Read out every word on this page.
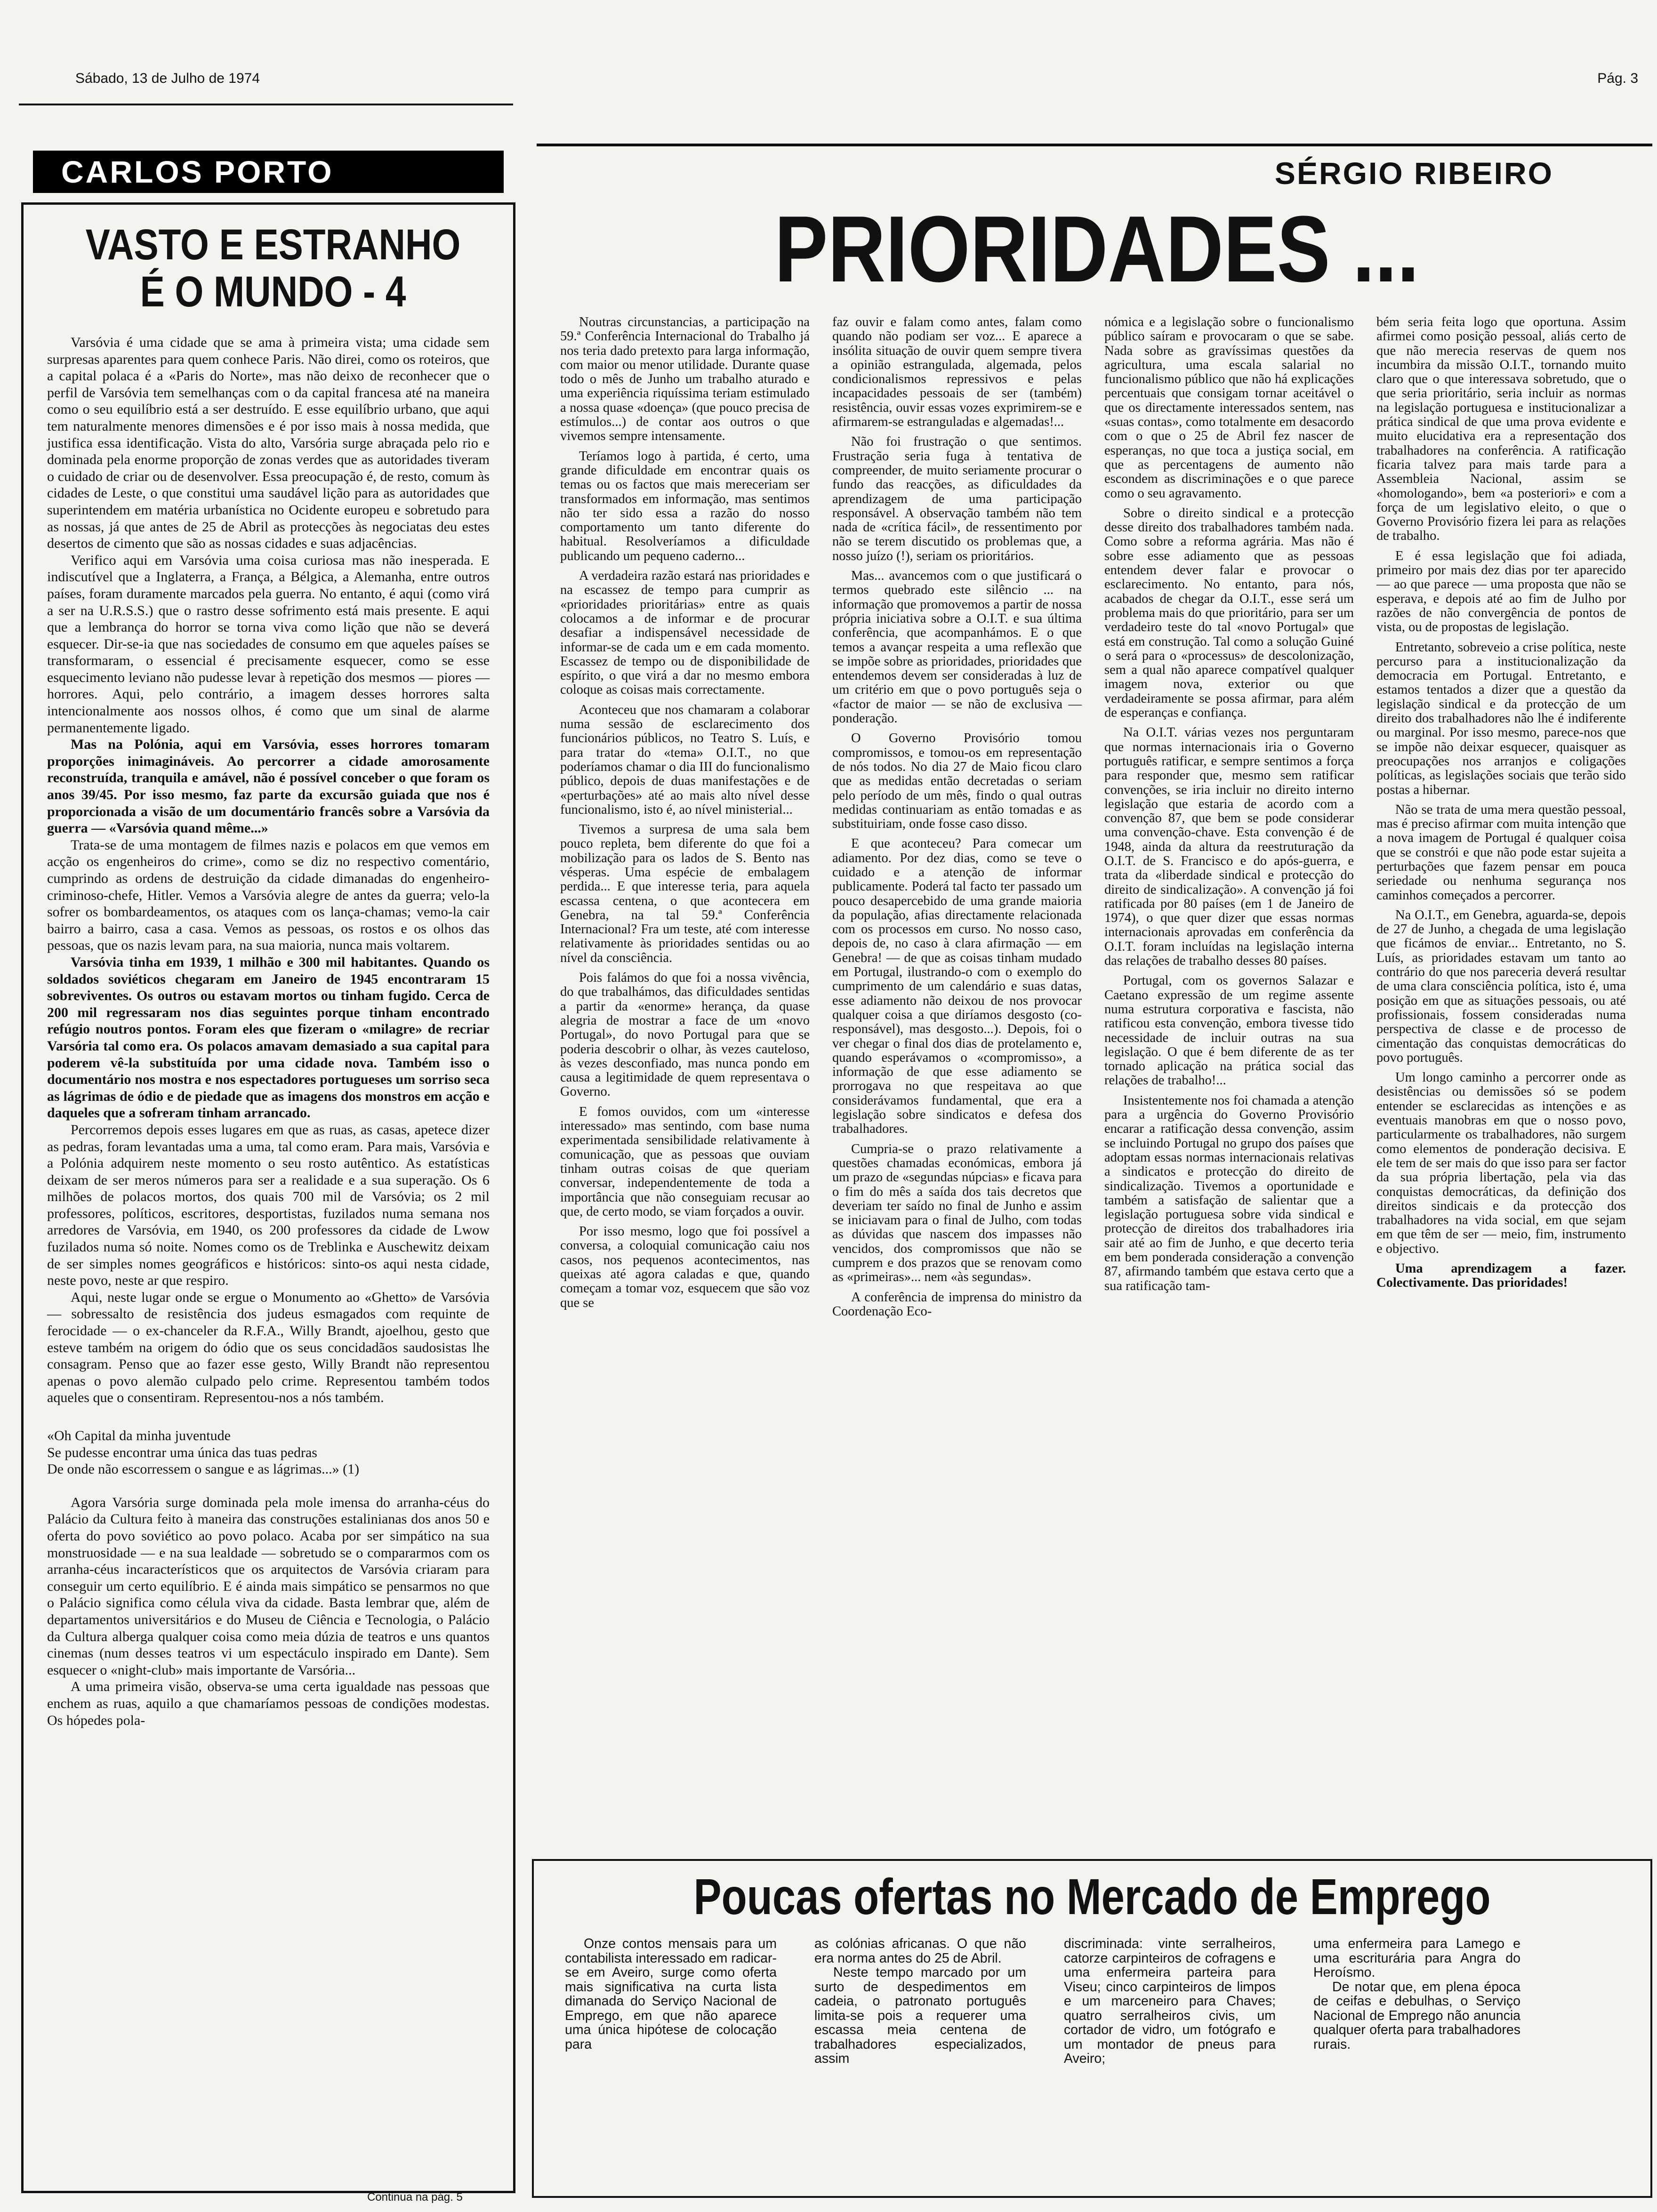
Sábado, 13 de Julho de 1974	Pág. 3
CARLOS PORTO
VASTO E ESTRANHO
É O MUNDO - 4

Varsóvia é uma cidade que se ama à primeira vista; uma cidade sem surpresas aparentes para quem conhece Paris. Não direi, como os roteiros, que a capital polaca é a «Paris do Norte», mas não deixo de reconhecer que o perfil de Varsóvia tem semelhanças com o da capital francesa até na maneira como o seu equilíbrio está a ser destruído. E esse equilíbrio urbano, que aqui tem naturalmente menores dimensões e é por isso mais à nossa medida, que justifica essa identificação. Vista do alto, Varsória surge abraçada pelo rio e dominada pela enorme proporção de zonas verdes que as autoridades tiveram o cuidado de criar ou de desenvolver. Essa preocupação é, de resto, comum às cidades de Leste, o que constitui uma saudável lição para as autoridades que superintendem em matéria urbanística no Ocidente europeu e sobretudo para as nossas, já que antes de 25 de Abril as protecções às negociatas deu estes desertos de cimento que são as nossas cidades e suas adjacências.

Verifico aqui em Varsóvia uma coisa curiosa mas não inesperada. E indiscutível que a Inglaterra, a França, a Bélgica, a Alemanha, entre outros países, foram duramente marcados pela guerra. No entanto, é aqui (como virá a ser na U.R.S.S.) que o rastro desse sofrimento está mais presente. E aqui que a lembrança do horror se torna viva como lição que não se deverá esquecer. Dir-se-ia que nas sociedades de consumo em que aqueles países se transformaram, o essencial é precisamente esquecer, como se esse esquecimento leviano não pudesse levar à repetição dos mesmos — piores — horrores. Aqui, pelo contrário, a imagem desses horrores salta intencionalmente aos nossos olhos, é como que um sinal de alarme permanentemente ligado.

Mas na Polónia, aqui em Varsóvia, esses horrores tomaram proporções inimagináveis. Ao percorrer a cidade amorosamente reconstruída, tranquila e amável, não é possível conceber o que foram os anos 39/45. Por isso mesmo, faz parte da excursão guiada que nos é proporcionada a visão de um documentário francês sobre a Varsóvia da guerra — «Varsóvia quand même...»

Trata-se de uma montagem de filmes nazis e polacos em que vemos em acção os engenheiros do crime», como se diz no respectivo comentário, cumprindo as ordens de destruição da cidade dimanadas do engenheiro-criminoso-chefe, Hitler. Vemos a Varsóvia alegre de antes da guerra; velo-la sofrer os bombardeamentos, os ataques com os lança-chamas; vemo-la cair bairro a bairro, casa a casa. Vemos as pessoas, os rostos e os olhos das pessoas, que os nazis levam para, na sua maioria, nunca mais voltarem.

Varsóvia tinha em 1939, 1 milhão e 300 mil habitantes. Quando os soldados soviéticos chegaram em Janeiro de 1945 encontraram 15 sobreviventes. Os outros ou estavam mortos ou tinham fugido. Cerca de 200 mil regressaram nos dias seguintes porque tinham encontrado refúgio noutros pontos. Foram eles que fizeram o «milagre» de recriar Varsória tal como era. Os polacos amavam demasiado a sua capital para poderem vê-la substituída por uma cidade nova. Também isso o documentário nos mostra e nos espectadores portugueses um sorriso seca as lágrimas de ódio e de piedade que as imagens dos monstros em acção e daqueles que a sofreram tinham arrancado.

Percorremos depois esses lugares em que as ruas, as casas, apetece dizer as pedras, foram levantadas uma a uma, tal como eram. Para mais, Varsóvia e a Polónia adquirem neste momento o seu rosto autêntico. As estatísticas deixam de ser meros números para ser a realidade e a sua superação. Os 6 milhões de polacos mortos, dos quais 700 mil de Varsóvia; os 2 mil professores, políticos, escritores, desportistas, fuzilados numa semana nos arredores de Varsóvia, em 1940, os 200 professores da cidade de Lwow fuzilados numa só noite. Nomes como os de Treblinka e Auschewitz deixam de ser simples nomes geográficos e históricos: sinto-os aqui nesta cidade, neste povo, neste ar que respiro.

Aqui, neste lugar onde se ergue o Monumento ao «Ghetto» de Varsóvia — sobressalto de resistência dos judeus esmagados com requinte de ferocidade — o ex-chanceler da R.F.A., Willy Brandt, ajoelhou, gesto que esteve também na origem do ódio que os seus concidadãos saudosistas lhe consagram. Penso que ao fazer esse gesto, Willy Brandt não representou apenas o povo alemão culpado pelo crime. Representou também todos aqueles que o consentiram. Representou-nos a nós também.

«Oh Capital da minha juventude
Se pudesse encontrar uma única das tuas pedras
De onde não escorressem o sangue e as lágrimas...» (1)

Agora Varsória surge dominada pela mole imensa do arranha-céus do Palácio da Cultura feito à maneira das construções estalinianas dos anos 50 e oferta do povo soviético ao povo polaco. Acaba por ser simpático na sua monstruosidade — e na sua lealdade — sobretudo se o compararmos com os arranha-céus incaracterísticos que os arquitectos de Varsóvia criaram para conseguir um certo equilíbrio. E é ainda mais simpático se pensarmos no que o Palácio significa como célula viva da cidade. Basta lembrar que, além de departamentos universitários e do Museu de Ciência e Tecnologia, o Palácio da Cultura alberga qualquer coisa como meia dúzia de teatros e uns quantos cinemas (num desses teatros vi um espectáculo inspirado em Dante). Sem esquecer o «night-club» mais importante de Varsória...

A uma primeira visão, observa-se uma certa igualdade nas pessoas que enchem as ruas, aquilo a que chamaríamos pessoas de condições modestas. Os hópedes pola-

Continua na pág. 5
SÉRGIO RIBEIRO
PRIORIDADES ...

Noutras circunstancias, a participação na 59.ª Conferência Internacional do Trabalho já nos teria dado pretexto para larga informação, com maior ou menor utilidade. Durante quase todo o mês de Junho um trabalho aturado e uma experiência riquíssima teriam estimulado a nossa quase «doença» (que pouco precisa de estímulos...) de contar aos outros o que vivemos sempre intensamente.

Teríamos logo à partida, é certo, uma grande dificuldade em encontrar quais os temas ou os factos que mais mereceriam ser transformados em informação, mas sentimos não ter sido essa a razão do nosso comportamento um tanto diferente do habitual. Resolveríamos a dificuldade publicando um pequeno caderno...

A verdadeira razão estará nas prioridades e na escassez de tempo para cumprir as «prioridades prioritárias» entre as quais colocamos a de informar e de procurar desafiar a indispensável necessidade de informar-se de cada um e em cada momento. Escassez de tempo ou de disponibilidade de espírito, o que virá a dar no mesmo embora coloque as coisas mais correctamente.

Aconteceu que nos chamaram a colaborar numa sessão de esclarecimento dos funcionários públicos, no Teatro S. Luís, e para tratar do «tema» O.I.T., no que poderíamos chamar o dia III do funcionalismo público, depois de duas manifestações e de «perturbações» até ao mais alto nível desse funcionalismo, isto é, ao nível ministerial...

Tivemos a surpresa de uma sala bem pouco repleta, bem diferente do que foi a mobilização para os lados de S. Bento nas vésperas. Uma espécie de embalagem perdida... E que interesse teria, para aquela escassa centena, o que acontecera em Genebra, na tal 59.ª Conferência Internacional? Fra um teste, até com interesse relativamente às prioridades sentidas ou ao nível da consciência.

Pois falámos do que foi a nossa vivência, do que trabalhámos, das dificuldades sentidas a partir da «enorme» herança, da quase alegria de mostrar a face de um «novo Portugal», do novo Portugal para que se poderia descobrir o olhar, às vezes cauteloso, às vezes desconfiado, mas nunca pondo em causa a legitimidade de quem representava o Governo.

E fomos ouvidos, com um «interesse interessado» mas sentindo, com base numa experimentada sensibilidade relativamente à comunicação, que as pessoas que ouviam tinham outras coisas de que queriam conversar, independentemente de toda a importância que não conseguiam recusar ao que, de certo modo, se viam forçados a ouvir.

Por isso mesmo, logo que foi possível a conversa, a coloquial comunicação caiu nos casos, nos pequenos acontecimentos, nas queixas até agora caladas e que, quando começam a tomar voz, esquecem que são voz que se

faz ouvir e falam como antes, falam como quando não podiam ser voz... E aparece a insólita situação de ouvir quem sempre tivera a opinião estrangulada, algemada, pelos condicionalismos repressivos e pelas incapacidades pessoais de ser (também) resistência, ouvir essas vozes exprimirem-se e afirmarem-se estranguladas e algemadas!...

Não foi frustração o que sentimos. Frustração seria fuga à tentativa de compreender, de muito seriamente procurar o fundo das reacções, as dificuldades da aprendizagem de uma participação responsável. A observação também não tem nada de «crítica fácil», de ressentimento por não se terem discutido os problemas que, a nosso juízo (!), seriam os prioritários.

Mas... avancemos com o que justificará o termos quebrado este silêncio ... na informação que promovemos a partir de nossa própria iniciativa sobre a O.I.T. e sua última conferência, que acompanhámos. E o que temos a avançar respeita a uma reflexão que se impõe sobre as prioridades, prioridades que entendemos devem ser consideradas à luz de um critério em que o povo português seja o «factor de maior — se não de exclusiva — ponderação.

O Governo Provisório tomou compromissos, e tomou-os em representação de nós todos. No dia 27 de Maio ficou claro que as medidas então decretadas o seriam pelo período de um mês, findo o qual outras medidas continuariam as então tomadas e as substituiriam, onde fosse caso disso.

E que aconteceu? Para comecar um adiamento. Por dez dias, como se teve o cuidado e a atenção de informar publicamente. Poderá tal facto ter passado um pouco desapercebido de uma grande maioria da população, afias directamente relacionada com os processos em curso. No nosso caso, depois de, no caso à clara afirmação — em Genebra! — de que as coisas tinham mudado em Portugal, ilustrando-o com o exemplo do cumprimento de um calendário e suas datas, esse adiamento não deixou de nos provocar qualquer coisa a que diríamos desgosto (co-responsável), mas desgosto...). Depois, foi o ver chegar o final dos dias de protelamento e, quando esperávamos o «compromisso», a informação de que esse adiamento se prorrogava no que respeitava ao que considerávamos fundamental, que era a legislação sobre sindicatos e defesa dos trabalhadores.

Cumpria-se o prazo relativamente a questões chamadas económicas, embora já um prazo de «segundas núpcias» e ficava para o fim do mês a saída dos tais decretos que deveriam ter saído no final de Junho e assim se iniciavam para o final de Julho, com todas as dúvidas que nascem dos impasses não vencidos, dos compromissos que não se cumprem e dos prazos que se renovam como as «primeiras»... nem «às segundas».

A conferência de imprensa do ministro da Coordenação Eco-

nómica e a legislação sobre o funcionalismo público saíram e provocaram o que se sabe. Nada sobre as gravíssimas questões da agricultura, uma escala salarial no funcionalismo público que não há explicações percentuais que consigam tornar aceitável o que os directamente interessados sentem, nas «suas contas», como totalmente em desacordo com o que o 25 de Abril fez nascer de esperanças, no que toca a justiça social, em que as percentagens de aumento não escondem as discriminações e o que parece como o seu agravamento.

Sobre o direito sindical e a protecção desse direito dos trabalhadores também nada. Como sobre a reforma agrária. Mas não é sobre esse adiamento que as pessoas entendem dever falar e provocar o esclarecimento. No entanto, para nós, acabados de chegar da O.I.T., esse será um problema mais do que prioritário, para ser um verdadeiro teste do tal «novo Portugal» que está em construção. Tal como a solução Guiné o será para o «processus» de descolonização, sem a qual não aparece compatível qualquer imagem nova, exterior ou que verdadeiramente se possa afirmar, para além de esperanças e confiança.

Na O.I.T. várias vezes nos perguntaram que normas internacionais iria o Governo português ratificar, e sempre sentimos a força para responder que, mesmo sem ratificar convenções, se iria incluir no direito interno legislação que estaria de acordo com a convenção 87, que bem se pode considerar uma convenção-chave. Esta convenção é de 1948, ainda da altura da reestruturação da O.I.T. de S. Francisco e do após-guerra, e trata da «liberdade sindical e protecção do direito de sindicalização». A convenção já foi ratificada por 80 países (em 1 de Janeiro de 1974), o que quer dizer que essas normas internacionais aprovadas em conferência da O.I.T. foram incluídas na legislação interna das relações de trabalho desses 80 países.

Portugal, com os governos Salazar e Caetano expressão de um regime assente numa estrutura corporativa e fascista, não ratificou esta convenção, embora tivesse tido necessidade de incluir outras na sua legislação. O que é bem diferente de as ter tornado aplicação na prática social das relações de trabalho!...

Insistentemente nos foi chamada a atenção para a urgência do Governo Provisório encarar a ratificação dessa convenção, assim se incluindo Portugal no grupo dos países que adoptam essas normas internacionais relativas a sindicatos e protecção do direito de sindicalização. Tivemos a oportunidade e também a satisfação de salientar que a legislação portuguesa sobre vida sindical e protecção de direitos dos trabalhadores iria sair até ao fim de Junho, e que decerto teria em bem ponderada consideração a convenção 87, afirmando também que estava certo que a sua ratificação tam-

bém seria feita logo que oportuna. Assim afirmei como posição pessoal, aliás certo de que não merecia reservas de quem nos incumbira da missão O.I.T., tornando muito claro que o que interessava sobretudo, que o que seria prioritário, seria incluir as normas na legislação portuguesa e institucionalizar a prática sindical de que uma prova evidente e muito elucidativa era a representação dos trabalhadores na conferência. A ratificação ficaria talvez para mais tarde para a Assembleia Nacional, assim se «homologando», bem «a posteriori» e com a força de um legislativo eleito, o que o Governo Provisório fizera lei para as relações de trabalho.

E é essa legislação que foi adiada, primeiro por mais dez dias por ter aparecido — ao que parece — uma proposta que não se esperava, e depois até ao fim de Julho por razões de não convergência de pontos de vista, ou de propostas de legislação.

Entretanto, sobreveio a crise política, neste percurso para a institucionalização da democracia em Portugal. Entretanto, e estamos tentados a dizer que a questão da legislação sindical e da protecção de um direito dos trabalhadores não lhe é indiferente ou marginal. Por isso mesmo, parece-nos que se impõe não deixar esquecer, quaisquer as preocupações nos arranjos e coligações políticas, as legislações sociais que terão sido postas a hibernar.

Não se trata de uma mera questão pessoal, mas é preciso afirmar com muita intenção que a nova imagem de Portugal é qualquer coisa que se constrói e que não pode estar sujeita a perturbações que fazem pensar em pouca seriedade ou nenhuma segurança nos caminhos começados a percorrer.

Na O.I.T., em Genebra, aguarda-se, depois de 27 de Junho, a chegada de uma legislação que ficámos de enviar... Entretanto, no S. Luís, as prioridades estavam um tanto ao contrário do que nos pareceria deverá resultar de uma clara consciência política, isto é, uma posição em que as situações pessoais, ou até profissionais, fossem consideradas numa perspectiva de classe e de processo de cimentação das conquistas democráticas do povo português.

Um longo caminho a percorrer onde as desistências ou demissões só se podem entender se esclarecidas as intenções e as eventuais manobras em que o nosso povo, particularmente os trabalhadores, não surgem como elementos de ponderação decisiva. E ele tem de ser mais do que isso para ser factor da sua própria libertação, pela via das conquistas democráticas, da definição dos direitos sindicais e da protecção dos trabalhadores na vida social, em que sejam em que têm de ser — meio, fim, instrumento e objectivo.

Uma aprendizagem a fazer. Colectivamente. Das prioridades!

Poucas ofertas no Mercado de Emprego

Onze contos mensais para um contabilista interessado em radicar-se em Aveiro, surge como oferta mais significativa na curta lista dimanada do Serviço Nacional de Emprego, em que não aparece uma única hipótese de colocação para

as colónias africanas. O que não era norma antes do 25 de Abril.

Neste tempo marcado por um surto de despedimentos em cadeia, o patronato português limita-se pois a requerer uma escassa meia centena de trabalhadores especializados, assim

discriminada: vinte serralheiros, catorze carpinteiros de cofragens e uma enfermeira parteira para Viseu; cinco carpinteiros de limpos e um marceneiro para Chaves; quatro serralheiros civis, um cortador de vidro, um fotógrafo e um montador de pneus para Aveiro;

uma enfermeira para Lamego e uma escriturária para Angra do Heroísmo.

De notar que, em plena época de ceifas e debulhas, o Serviço Nacional de Emprego não anuncia qualquer oferta para trabalhadores rurais.
